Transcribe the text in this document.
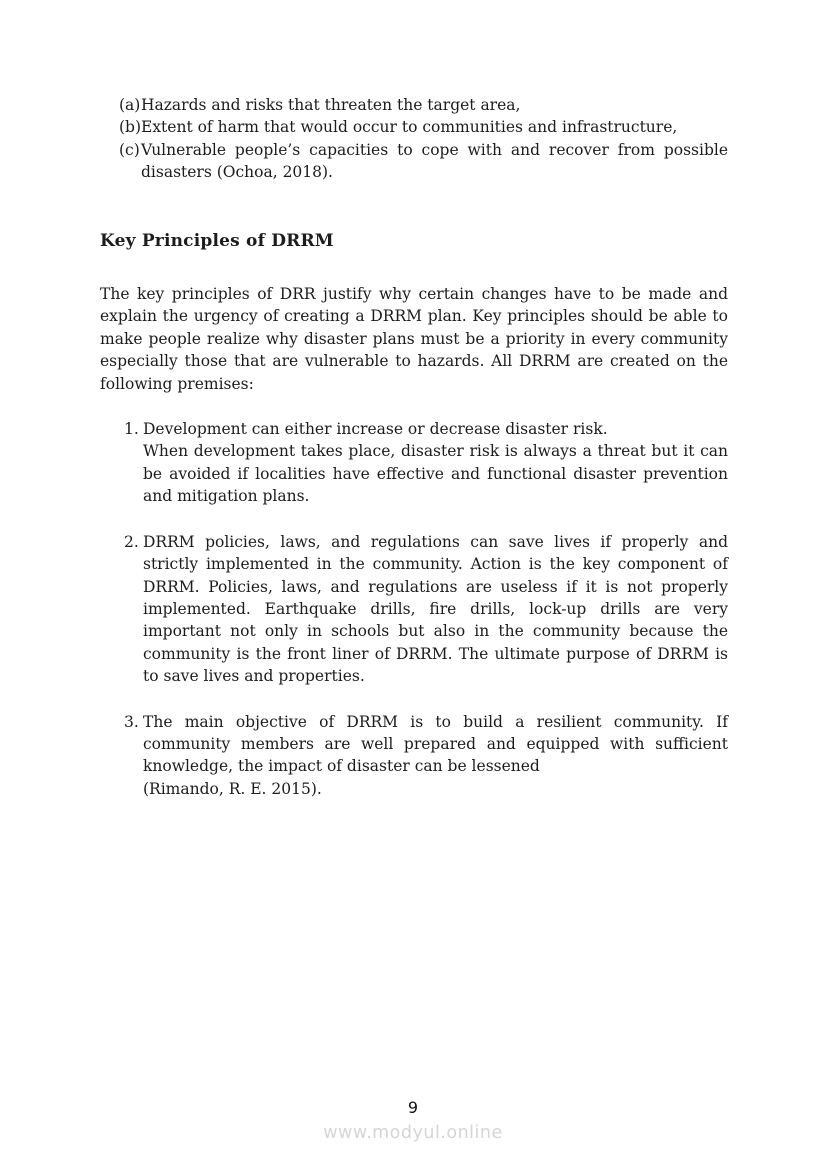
(a) Hazards and risks that threaten the target area,
(b) Extent of harm that would occur to communities and infrastructure,
(c) Vulnerable people’s capacities to cope with and recover from possible disasters (Ochoa, 2018).
Key Principles of DRRM

The key principles of DRR justify why certain changes have to be made and explain the urgency of creating a DRRM plan. Key principles should be able to make people realize why disaster plans must be a priority in every community especially those that are vulnerable to hazards. All DRRM are created on the following premises:

1. Development can either increase or decrease disaster risk.
When development takes place, disaster risk is always a threat but it can be avoided if localities have effective and functional disaster prevention and mitigation plans.
2. DRRM policies, laws, and regulations can save lives if properly and strictly implemented in the community. Action is the key component of DRRM. Policies, laws, and regulations are useless if it is not properly implemented. Earthquake drills, fire drills, lock-up drills are very important not only in schools but also in the community because the community is the front liner of DRRM. The ultimate purpose of DRRM is to save lives and properties.
3. The main objective of DRRM is to build a resilient community. If community members are well prepared and equipped with sufficient knowledge, the impact of disaster can be lessened
(Rimando, R. E. 2015).
9
www.modyul.online
